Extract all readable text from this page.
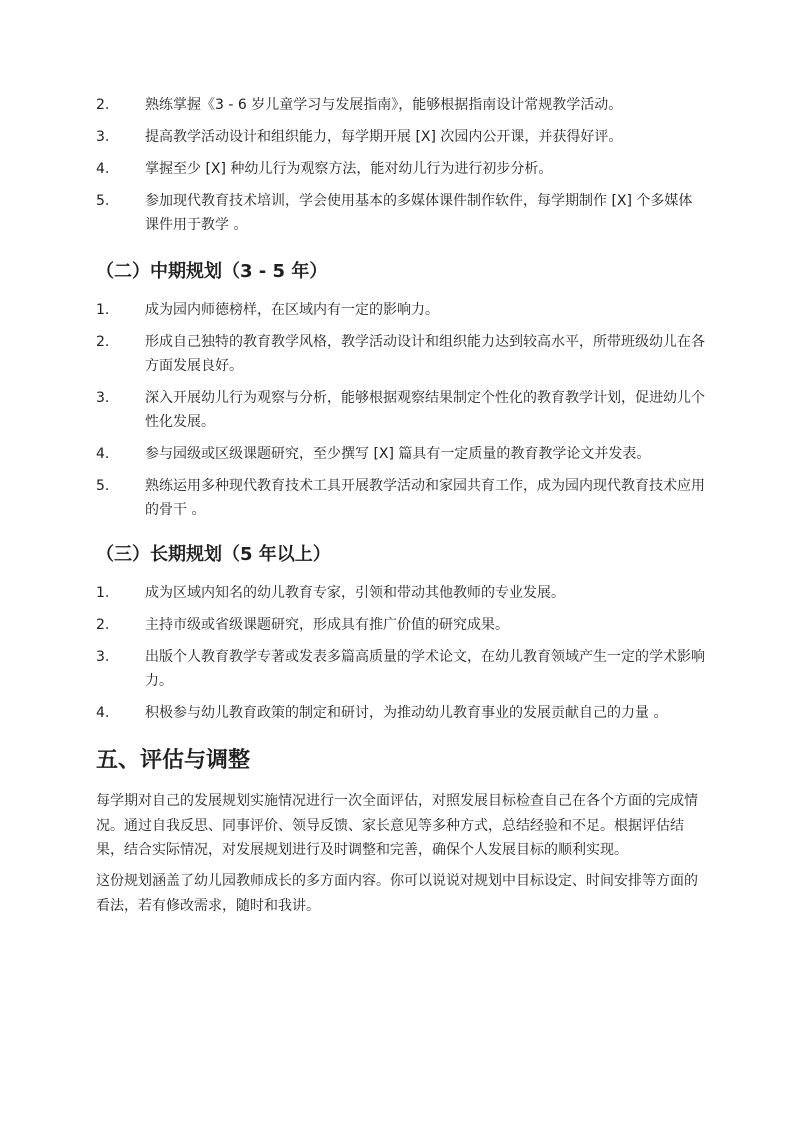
2.	熟练掌握《3 - 6 岁儿童学习与发展指南》，能够根据指南设计常规教学活动。
3.	提高教学活动设计和组织能力，每学期开展 [X] 次园内公开课，并获得好评。
4.	掌握至少 [X] 种幼儿行为观察方法，能对幼儿行为进行初步分析。
5.	参加现代教育技术培训，学会使用基本的多媒体课件制作软件，每学期制作 [X] 个多媒体课件用于教学 。
（二）中期规划（3 - 5 年）
1.	成为园内师德榜样，在区域内有一定的影响力。
2.	形成自己独特的教育教学风格，教学活动设计和组织能力达到较高水平，所带班级幼儿在各方面发展良好。
3.	深入开展幼儿行为观察与分析，能够根据观察结果制定个性化的教育教学计划，促进幼儿个性化发展。
4.	参与园级或区级课题研究，至少撰写 [X] 篇具有一定质量的教育教学论文并发表。
5.	熟练运用多种现代教育技术工具开展教学活动和家园共育工作，成为园内现代教育技术应用的骨干 。
（三）长期规划（5 年以上）
1.	成为区域内知名的幼儿教育专家，引领和带动其他教师的专业发展。
2.	主持市级或省级课题研究，形成具有推广价值的研究成果。
3.	出版个人教育教学专著或发表多篇高质量的学术论文，在幼儿教育领域产生一定的学术影响力。
4.	积极参与幼儿教育政策的制定和研讨，为推动幼儿教育事业的发展贡献自己的力量 。
五、评估与调整

每学期对自己的发展规划实施情况进行一次全面评估，对照发展目标检查自己在各个方面的完成情况。通过自我反思、同事评价、领导反馈、家长意见等多种方式，总结经验和不足。根据评估结果，结合实际情况，对发展规划进行及时调整和完善，确保个人发展目标的顺利实现。

这份规划涵盖了幼儿园教师成长的多方面内容。你可以说说对规划中目标设定、时间安排等方面的看法，若有修改需求，随时和我讲。
